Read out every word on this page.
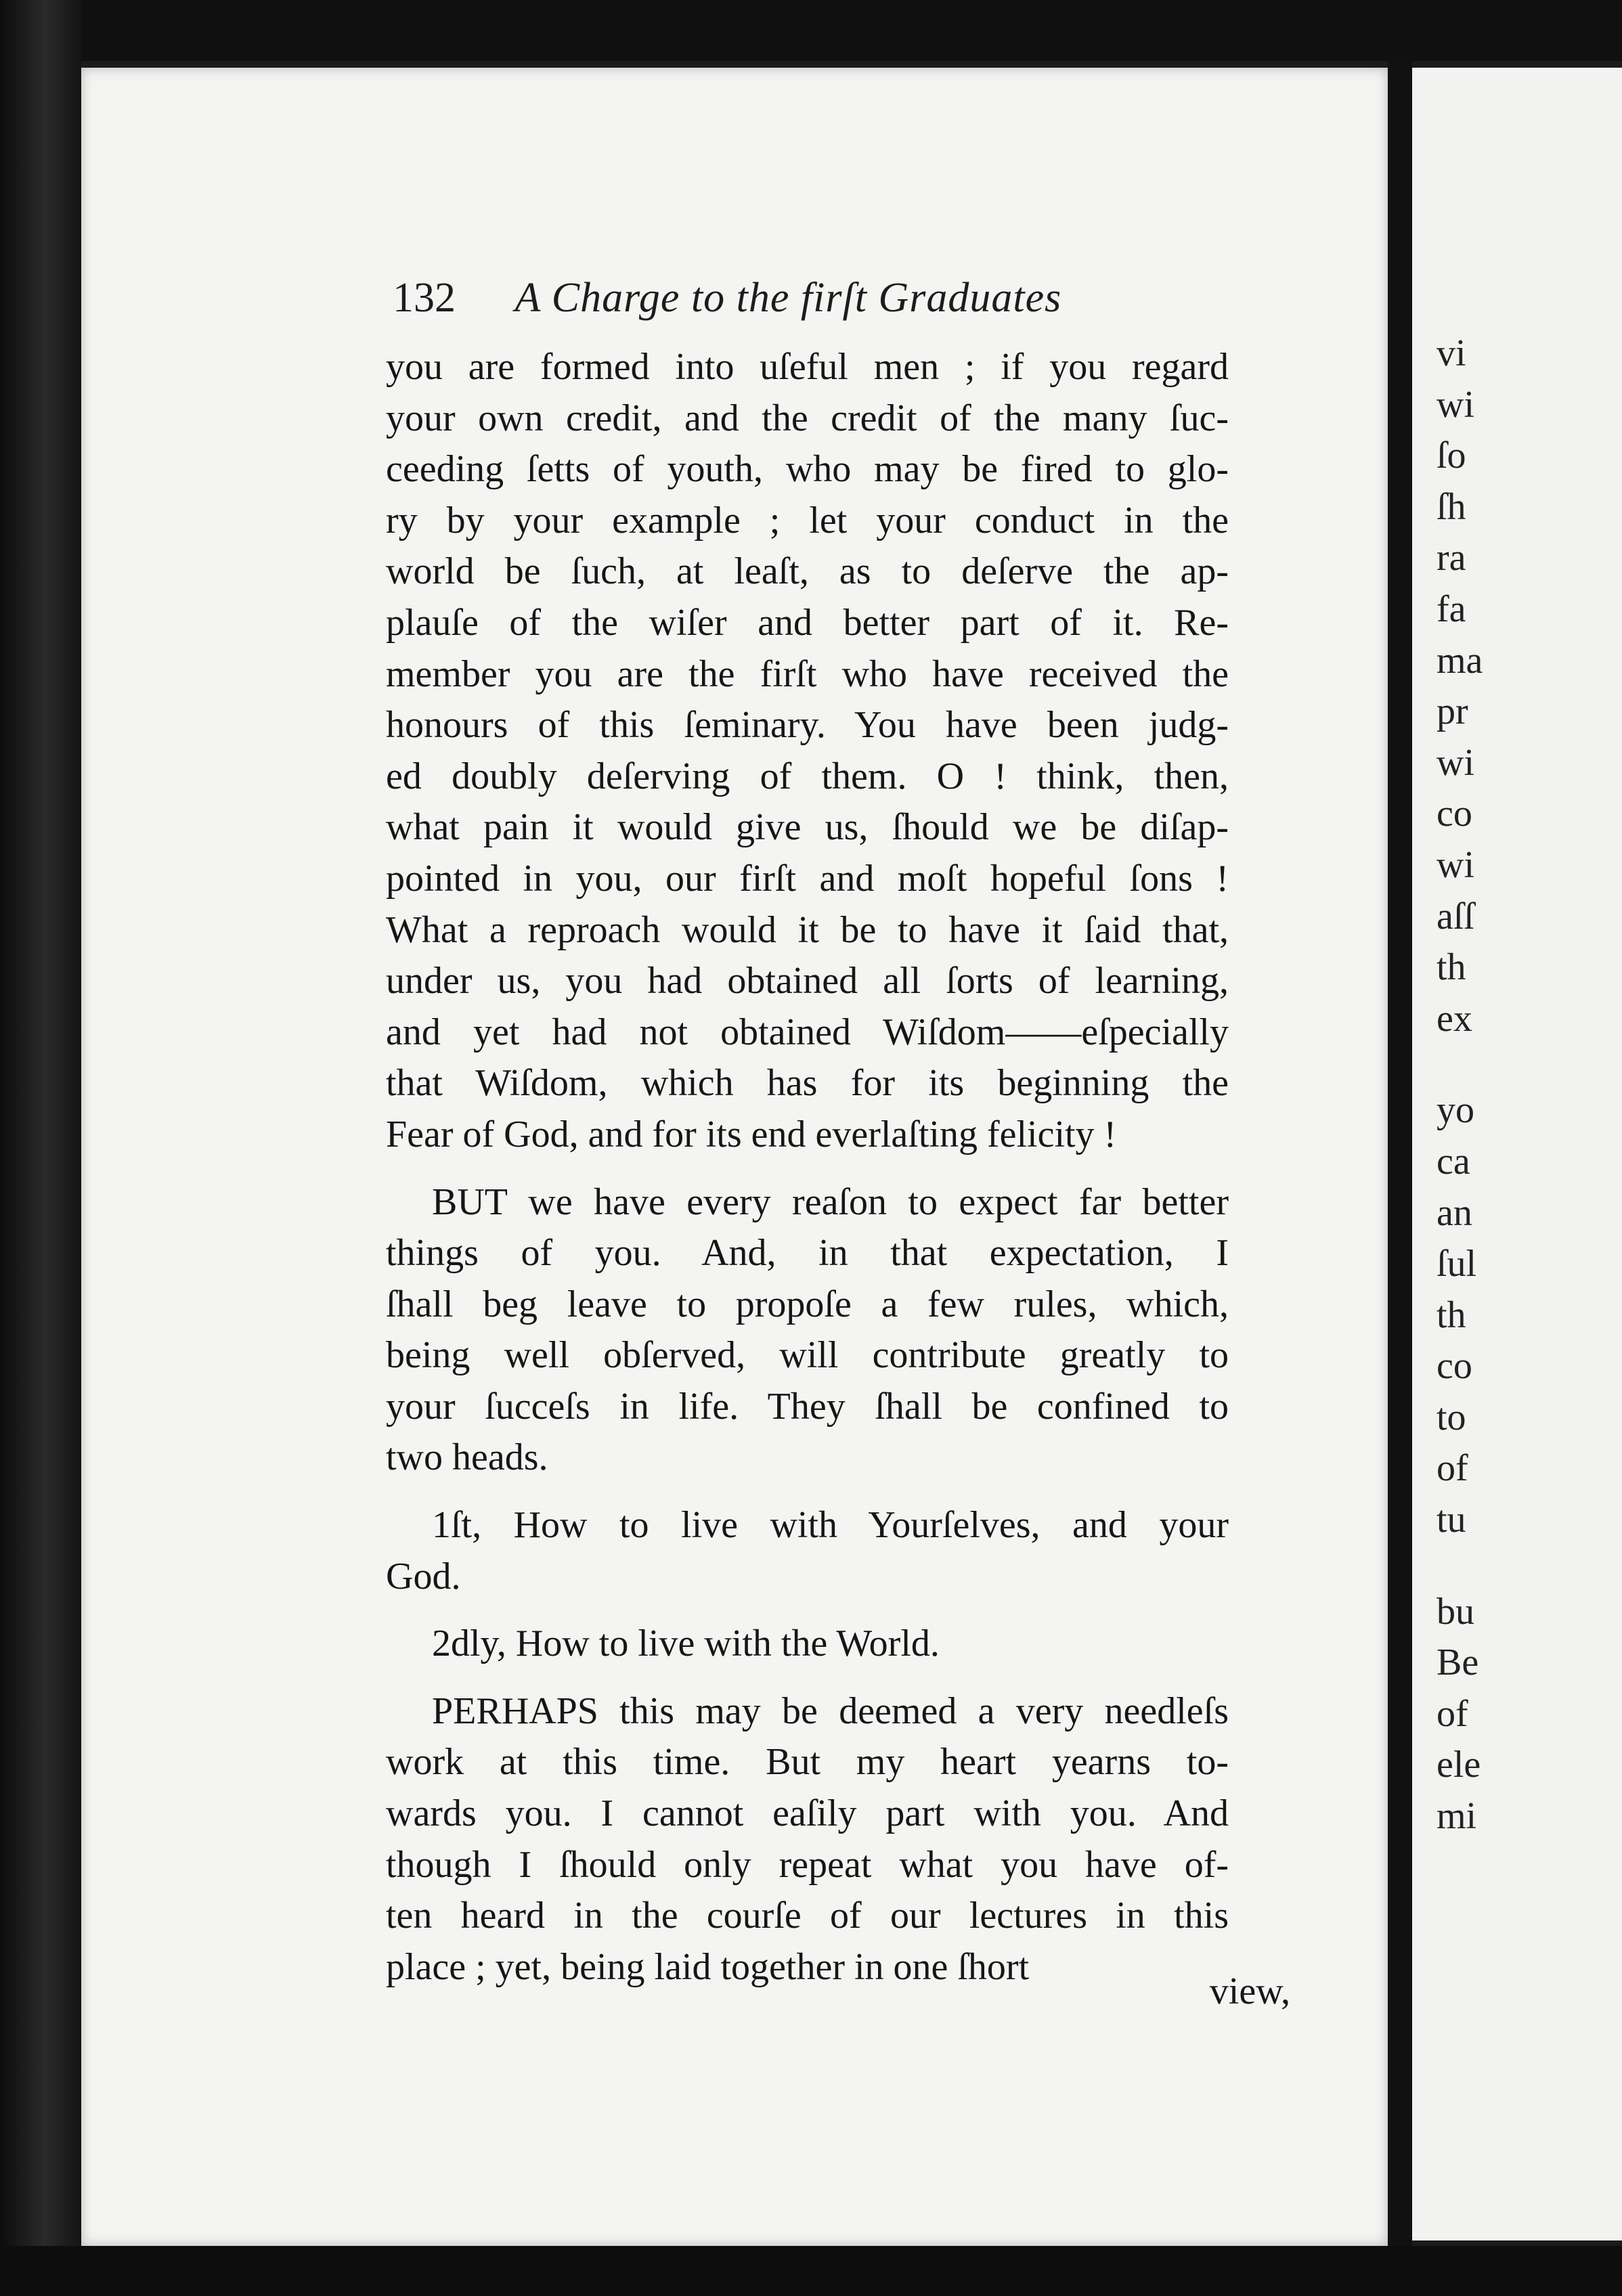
132 A Charge to the firſt Graduates
you are formed into uſeful men ; if you regard
your own credit, and the credit of the many ſuc-
ceeding ſetts of youth, who may be fired to glo-
ry by your example ; let your conduct in the
world be ſuch, at leaſt, as to deſerve the ap-
plauſe of the wiſer and better part of it. Re-
member you are the firſt who have received the
honours of this ſeminary. You have been judg-
ed doubly deſerving of them. O ! think, then,
what pain it would give us, ſhould we be diſap-
pointed in you, our firſt and moſt hopeful ſons !
What a reproach would it be to have it ſaid that,
under us, you had obtained all ſorts of learning,
and yet had not obtained Wiſdom——eſpecially
that Wiſdom, which has for its beginning the
Fear of God, and for its end everlaſting felicity !
BUT we have every reaſon to expect far better
things of you. And, in that expectation, I
ſhall beg leave to propoſe a few rules, which,
being well obſerved, will contribute greatly to
your ſucceſs in life. They ſhall be confined to
two heads.
1ſt, How to live with Yourſelves, and your
God.
2dly, How to live with the World.
PERHAPS this may be deemed a very needleſs
work at this time. But my heart yearns to-
wards you. I cannot eaſily part with you. And
though I ſhould only repeat what you have of-
ten heard in the courſe of our lectures in this
place ; yet, being laid together in one ſhort
view,
vi
wi
ſo
ſh
ra
fa
ma
pr
wi
co
wi
aſſ
th
ex
yo
ca
an
ſul
th
co
to
of
tu
bu
Be
of
ele
mi
